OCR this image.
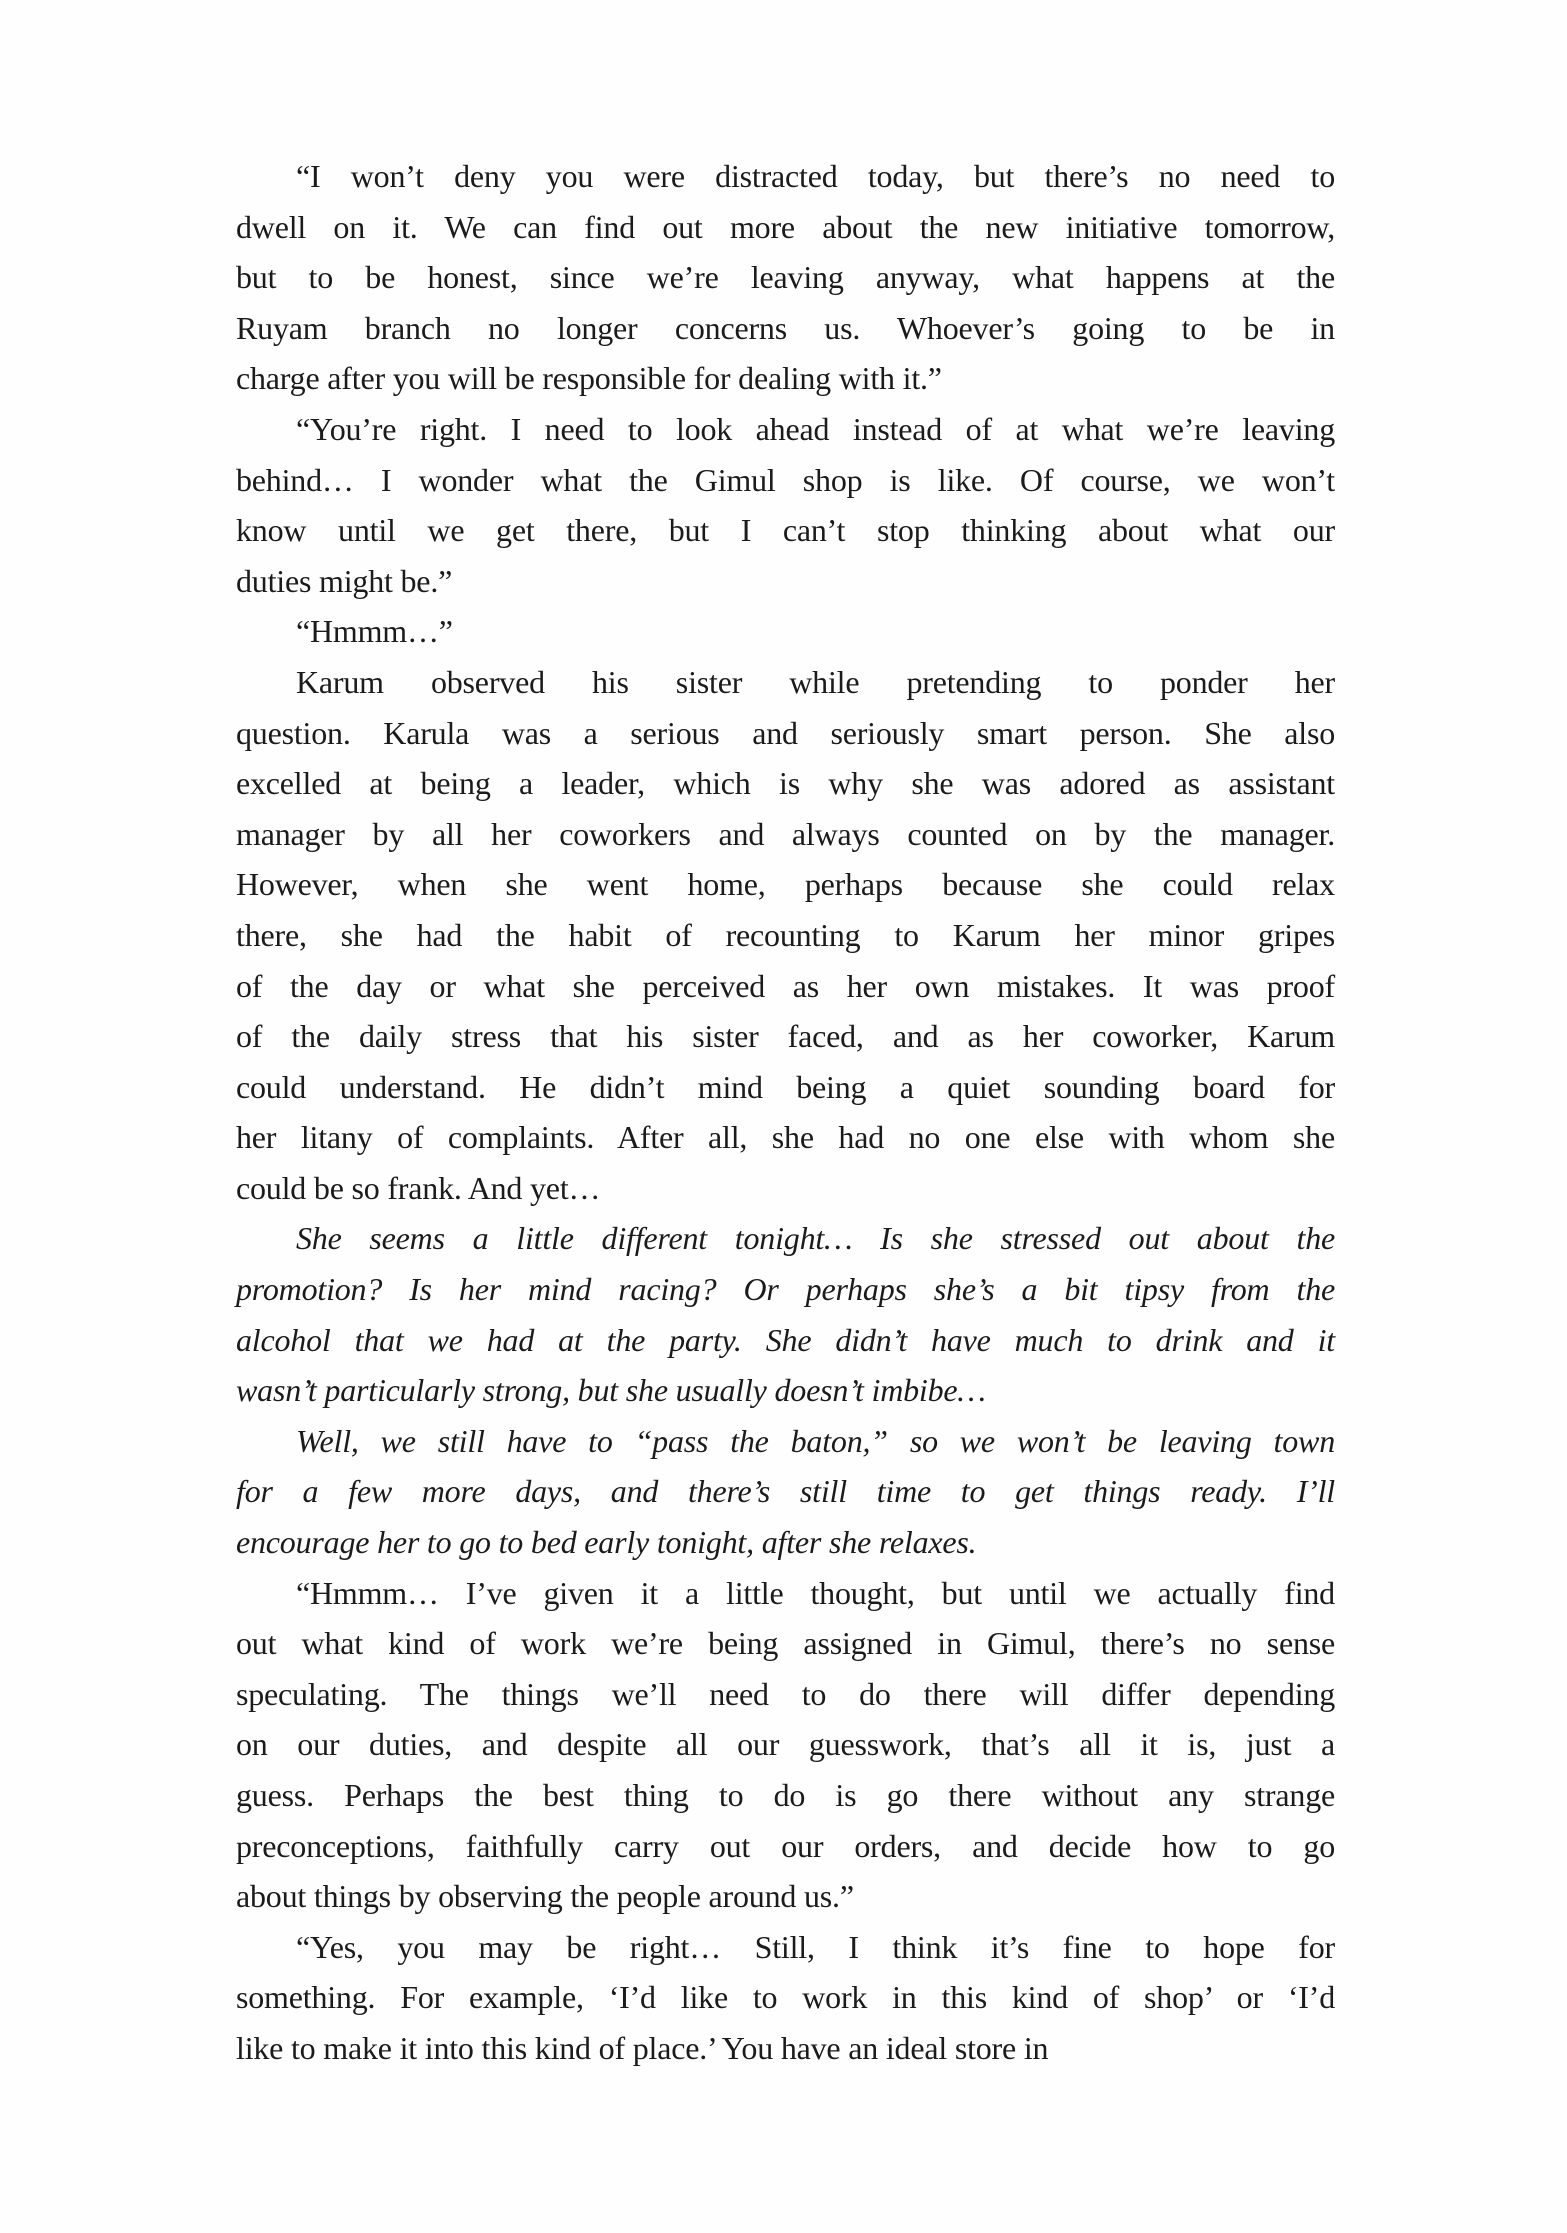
“I won’t deny you were distracted today, but there’s no need to
dwell on it. We can find out more about the new initiative tomorrow,
but to be honest, since we’re leaving anyway, what happens at the
Ruyam branch no longer concerns us. Whoever’s going to be in
charge after you will be responsible for dealing with it.”

“You’re right. I need to look ahead instead of at what we’re leaving
behind… I wonder what the Gimul shop is like. Of course, we won’t
know until we get there, but I can’t stop thinking about what our
duties might be.”

“Hmmm…”

Karum observed his sister while pretending to ponder her
question. Karula was a serious and seriously smart person. She also
excelled at being a leader, which is why she was adored as assistant
manager by all her coworkers and always counted on by the manager.
However, when she went home, perhaps because she could relax
there, she had the habit of recounting to Karum her minor gripes
of the day or what she perceived as her own mistakes. It was proof
of the daily stress that his sister faced, and as her coworker, Karum
could understand. He didn’t mind being a quiet sounding board for
her litany of complaints. After all, she had no one else with whom she
could be so frank. And yet…

She seems a little different tonight… Is she stressed out about the
promotion? Is her mind racing? Or perhaps she’s a bit tipsy from the
alcohol that we had at the party. She didn’t have much to drink and it
wasn’t particularly strong, but she usually doesn’t imbibe…

Well, we still have to “pass the baton,” so we won’t be leaving town
for a few more days, and there’s still time to get things ready. I’ll
encourage her to go to bed early tonight, after she relaxes.

“Hmmm… I’ve given it a little thought, but until we actually find
out what kind of work we’re being assigned in Gimul, there’s no sense
speculating. The things we’ll need to do there will differ depending
on our duties, and despite all our guesswork, that’s all it is, just a
guess. Perhaps the best thing to do is go there without any strange
preconceptions, faithfully carry out our orders, and decide how to go
about things by observing the people around us.”

“Yes, you may be right… Still, I think it’s fine to hope for
something. For example, ‘I’d like to work in this kind of shop’ or ‘I’d
like to make it into this kind of place.’ You have an ideal store in
